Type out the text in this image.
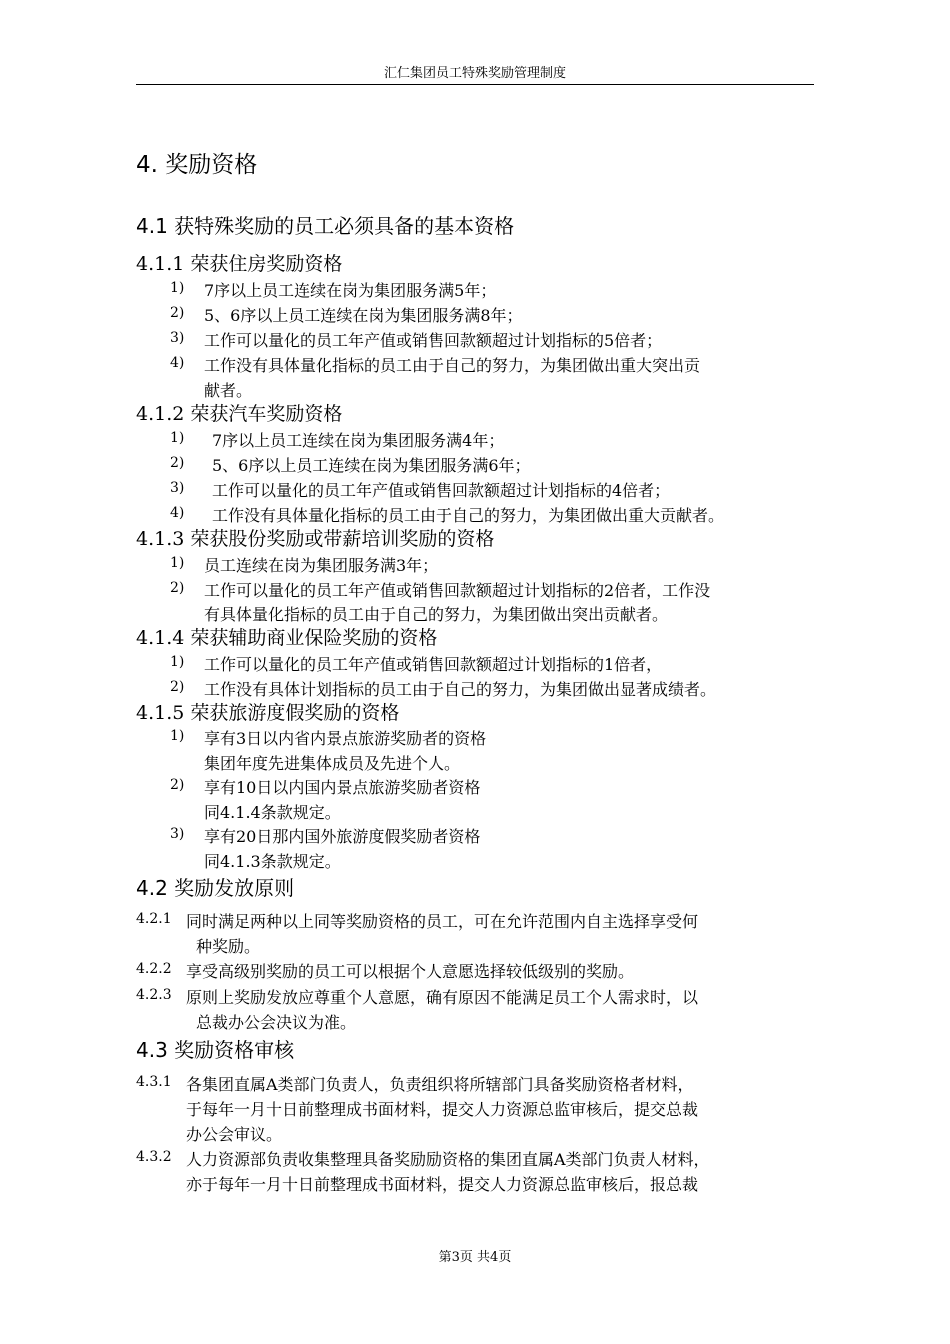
汇仁集团员工特殊奖励管理制度
4. 奖励资格
4.1 获特殊奖励的员工必须具备的基本资格
4.1.1 荣获住房奖励资格
1) 7序以上员工连续在岗为集团服务满5年；
2) 5、6序以上员工连续在岗为集团服务满8年；
3) 工作可以量化的员工年产值或销售回款额超过计划指标的5倍者；
4) 工作没有具体量化指标的员工由于自己的努力，为集团做出重大突出贡
献者。
4.1.2 荣获汽车奖励资格
1) 7序以上员工连续在岗为集团服务满4年；
2) 5、6序以上员工连续在岗为集团服务满6年；
3) 工作可以量化的员工年产值或销售回款额超过计划指标的4倍者；
4) 工作没有具体量化指标的员工由于自己的努力，为集团做出重大贡献者。
4.1.3 荣获股份奖励或带薪培训奖励的资格
1) 员工连续在岗为集团服务满3年；
2) 工作可以量化的员工年产值或销售回款额超过计划指标的2倍者，工作没
有具体量化指标的员工由于自己的努力，为集团做出突出贡献者。
4.1.4 荣获辅助商业保险奖励的资格
1) 工作可以量化的员工年产值或销售回款额超过计划指标的1倍者，
2) 工作没有具体计划指标的员工由于自己的努力，为集团做出显著成绩者。
4.1.5 荣获旅游度假奖励的资格
1) 享有3日以内省内景点旅游奖励者的资格
集团年度先进集体成员及先进个人。
2) 享有10日以内国内景点旅游奖励者资格
同4.1.4条款规定。
3) 享有20日那内国外旅游度假奖励者资格
同4.1.3条款规定。
4.2 奖励发放原则
4.2.1 同时满足两种以上同等奖励资格的员工，可在允许范围内自主选择享受何
种奖励。
4.2.2 享受高级别奖励的员工可以根据个人意愿选择较低级别的奖励。
4.2.3 原则上奖励发放应尊重个人意愿，确有原因不能满足员工个人需求时，以
总裁办公会决议为准。
4.3 奖励资格审核
4.3.1 各集团直属A类部门负责人，负责组织将所辖部门具备奖励资格者材料，
于每年一月十日前整理成书面材料，提交人力资源总监审核后，提交总裁
办公会审议。
4.3.2 人力资源部负责收集整理具备奖励励资格的集团直属A类部门负责人材料，
亦于每年一月十日前整理成书面材料，提交人力资源总监审核后，报总裁
第3页 共4页
